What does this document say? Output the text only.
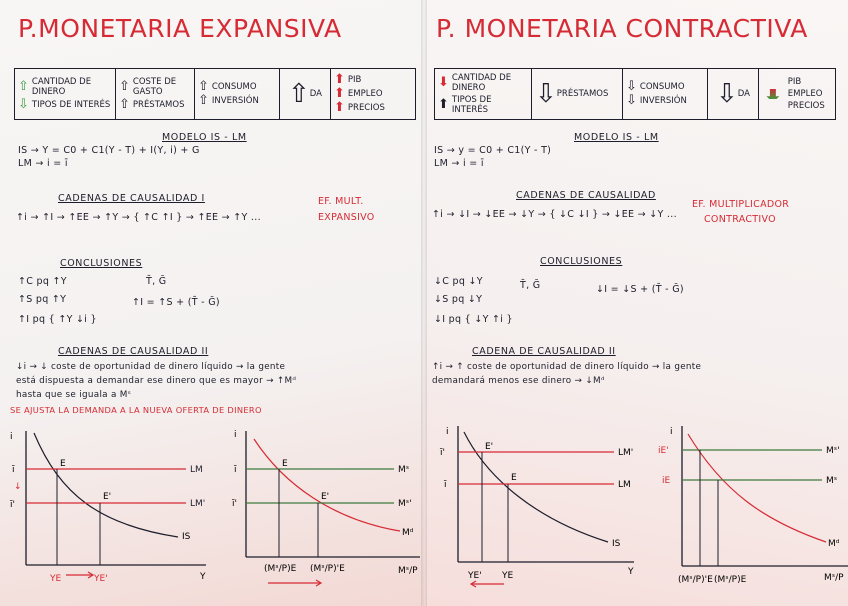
P.MONETARIA EXPANSIVA
⇧ CANTIDAD DE DINERO
⇩ TIPOS DE INTERÉS
⇧ COSTE DE GASTO
⇧ PRÉSTAMOS
⇧ CONSUMO
⇧ INVERSIÓN ⇧ DA
⬆ PIB
⬆ EMPLEO
⬆ PRECIOS
MODELO IS - LM
IS → Y = C0 + C1(Y - T) + I(Y, i) + G
LM → i = ī
CADENAS DE CAUSALIDAD I
↑i → ↑I → ↑EE → ↑Y → { ↑C ↑I } → ↑EE → ↑Y ...
EF. MULT.
EXPANSIVO
CONCLUSIONES
↑C pq ↑Y
↑S pq ↑Y
↑I pq { ↑Y ↓i }
T̄, Ḡ
↑I = ↑S + (T̄ - Ḡ)
CADENAS DE CAUSALIDAD II
↓i → ↓ coste de oportunidad de dinero líquido → la gente
está dispuesta a demandar ese dinero que es mayor → ↑Mᵈ
hasta que se iguala a Mˢ
SE AJUSTA LA DEMANDA A LA NUEVA OFERTA DE DINERO
i
Y
LM
LM'
IS
E
E'
ī
ī'
↓
YE	YE'
i
Mˢ/P
Mˢ
Mˢ'
Mᵈ
E
E'
ī
ī'
(Mˢ/P)E (Mˢ/P)'E
P. MONETARIA CONTRACTIVA
⬇ CANTIDAD DE DINERO
⬆ TIPOS DE INTERÉS
⇩ PRÉSTAMOS ⇩ CONSUMO
⇩ INVERSIÓN ⇩ DA ⬇ PIB
EMPLEO
PRECIOS
MODELO IS - LM
IS → y = C0 + C1(Y - T)
LM → i = ī
CADENAS DE CAUSALIDAD
↑i → ↓I → ↓EE → ↓Y → { ↓C ↓I } → ↓EE → ↓Y ...
EF. MULTIPLICADOR
CONTRACTIVO
CONCLUSIONES
↓C pq ↓Y
↓S pq ↓Y
↓I pq { ↓Y ↑i }
T̄, Ḡ	↓I = ↓S + (T̄ - Ḡ)
CADENA DE CAUSALIDAD II
↑i → ↑ coste de oportunidad de dinero líquido → la gente
demandará menos ese dinero → ↓Mᵈ
i
Y
LM'
LM
IS
E'
E
ī'
ī
YE' YE
i
Mˢ/P
Mˢ'
Mˢ
Mᵈ
iE'
iE
(Mˢ/P)'E (Mˢ/P)E
